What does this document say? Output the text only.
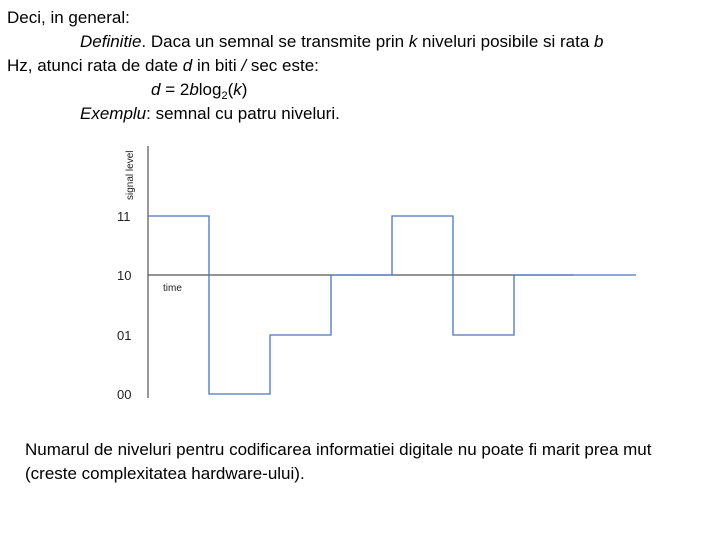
Deci, in general:
Definitie. Daca un semnal se transmite prin k niveluri posibile si rata b
Hz, atunci rata de date d in biti / sec este:
d = 2blog$_2$(k)
Exemplu: semnal cu patru niveluri.
00
01
10
11
signal level
time
Numarul de niveluri pentru codificarea informatiei digitale nu poate fi marit prea mut (creste complexitatea hardware-ului).
